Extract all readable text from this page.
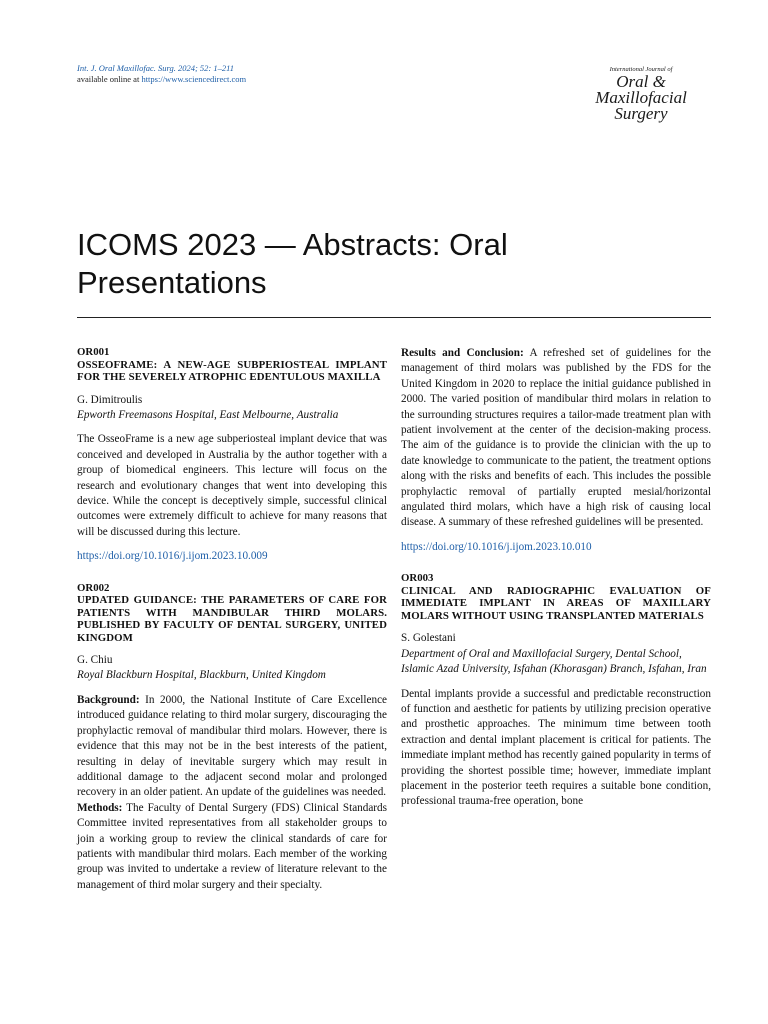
Int. J. Oral Maxillofac. Surg. 2024; 52: 1–211
available online at https://www.sciencedirect.com
International Journal of
Oral &
Maxillofacial
Surgery
ICOMS 2023 — Abstracts: Oral Presentations
OR001
OSSEOFRAME: A NEW-AGE SUBPERIOSTEAL IMPLANT FOR THE SEVERELY ATROPHIC EDENTULOUS MAXILLA
G. Dimitroulis
Epworth Freemasons Hospital, East Melbourne, Australia

The OsseoFrame is a new age subperiosteal implant device that was conceived and developed in Australia by the author together with a group of biomedical engineers. This lecture will focus on the research and evolutionary changes that went into developing this device. While the concept is deceptively simple, successful clinical outcomes were extremely difficult to achieve for many reasons that will be discussed during this lecture.

https://doi.org/10.1016/j.ijom.2023.10.009
OR002
UPDATED GUIDANCE: THE PARAMETERS OF CARE FOR PATIENTS WITH MANDIBULAR THIRD MOLARS. PUBLISHED BY FACULTY OF DENTAL SURGERY, UNITED KINGDOM
G. Chiu
Royal Blackburn Hospital, Blackburn, United Kingdom

Background: In 2000, the National Institute of Care Excellence introduced guidance relating to third molar surgery, discouraging the prophylactic removal of mandibular third molars. However, there is evidence that this may not be in the best interests of the patient, resulting in delay of inevitable surgery which may result in additional damage to the adjacent second molar and prolonged recovery in an older patient. An update of the guidelines was needed.

Methods: The Faculty of Dental Surgery (FDS) Clinical Standards Committee invited representatives from all stakeholder groups to join a working group to review the clinical standards of care for patients with mandibular third molars. Each member of the working group was invited to undertake a review of literature relevant to the management of third molar surgery and their specialty.

Results and Conclusion: A refreshed set of guidelines for the management of third molars was published by the FDS for the United Kingdom in 2020 to replace the initial guidance published in 2000. The varied position of mandibular third molars in relation to the surrounding structures requires a tailor-made treatment plan with patient involvement at the center of the decision-making process. The aim of the guidance is to provide the clinician with the up to date knowledge to communicate to the patient, the treatment options along with the risks and benefits of each. This includes the possible prophylactic removal of partially erupted mesial/horizontal angulated third molars, which have a high risk of causing local disease. A summary of these refreshed guidelines will be presented.

https://doi.org/10.1016/j.ijom.2023.10.010
OR003
CLINICAL AND RADIOGRAPHIC EVALUATION OF IMMEDIATE IMPLANT IN AREAS OF MAXILLARY MOLARS WITHOUT USING TRANSPLANTED MATERIALS
S. Golestani
Department of Oral and Maxillofacial Surgery, Dental School, Islamic Azad University, Isfahan (Khorasgan) Branch, Isfahan, Iran

Dental implants provide a successful and predictable reconstruction of function and aesthetic for patients by utilizing precision operative and prosthetic approaches. The minimum time between tooth extraction and dental implant placement is critical for patients. The immediate implant method has recently gained popularity in terms of providing the shortest possible time; however, immediate implant placement in the posterior teeth requires a suitable bone condition, professional trauma-free operation, bone
